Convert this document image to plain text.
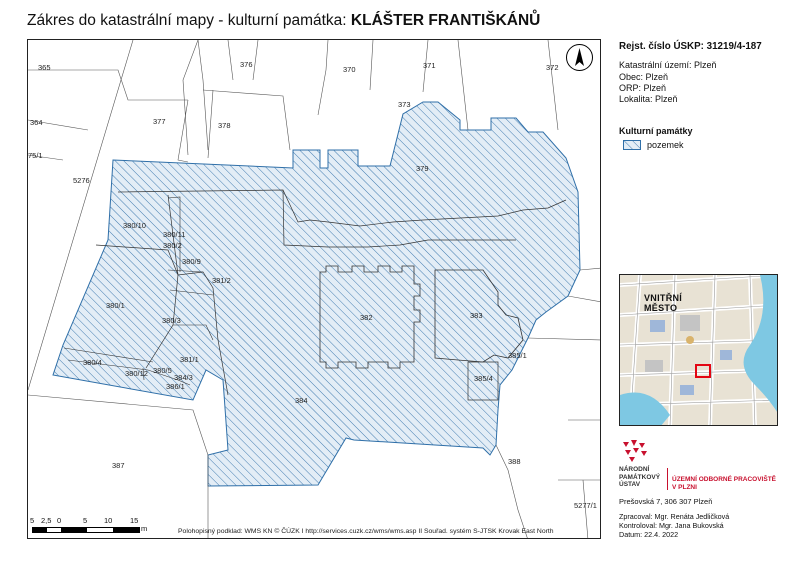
Zákres do katastrální mapy - kulturní památka: KLÁŠTER FRANTIŠKÁNŮ
365	376
370	371	372
373
364
75/1
377	378
379
5276
380/10
380/11
380/2
380/9
381/2
380/1
380/3	382	383
385/1
380/4
380/12 380/5
381/1
384/3	385/4
386/1
384
387	388
5277/1
5 2,5 0	5 10 15
m	Polohopisný podklad: WMS KN © ČÚZK I http://services.cuzk.cz/wms/wms.asp II Souřad. systém S-JTSK Krovak East North
Rejst. číslo ÚSKP: 31219/4-187
Katastrální území: Plzeň
Obec: Plzeň
ORP: Plzeň
Lokalita: Plzeň
Kulturní památky
pozemek
VNITŘNÍ
MĚSTO
NÁRODNÍ
PAMÁTKOVÝ
ÚSTAV
ÚZEMNÍ ODBORNÉ PRACOVIŠTĚ
V PLZNI
Prešovská 7, 306 307 Plzeň
Zpracoval: Mgr. Renáta Jedličková
Kontroloval: Mgr. Jana Bukovská
Datum: 22.4. 2022
